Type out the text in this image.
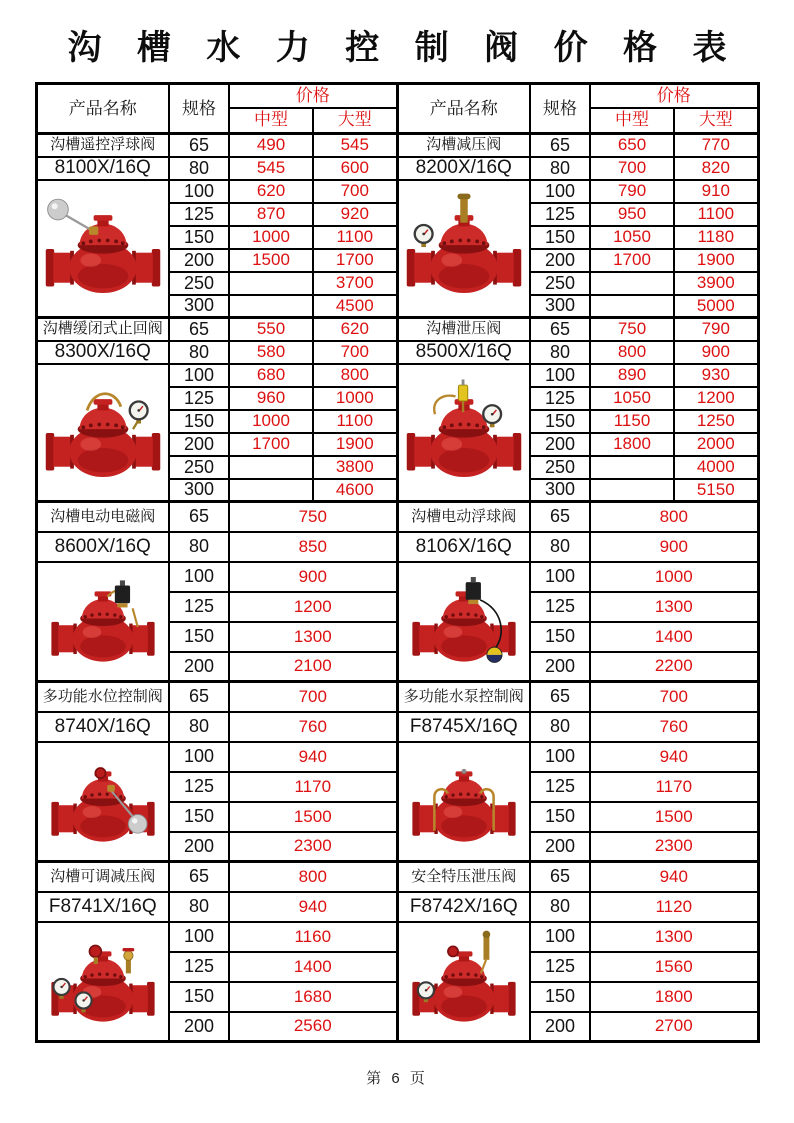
沟 槽 水 力 控 制 阀 价 格 表
产品名称	规格	价格		产品名称	规格	价格	
		中型	大型			中型	大型
沟槽遥控浮球阀	65	490	545	沟槽减压阀	65	650	770
8100X/16Q	80	545	600	8200X/16Q	80	700	820

	100	620	700		100	790	910
	125	870	920		125	950	1100
	150	1000	1100		150	1050	1180
	200	1500	1700		200	1700	1900
	250		3700		250		3900
	300		4500		300		5000
沟槽缓闭式止回阀	65	550	620	沟槽泄压阀	65	750	790
8300X/16Q	80	580	700	8500X/16Q	80	800	900

	100	680	800		100	890	930
	125	960	1000		125	1050	1200
	150	1000	1100		150	1150	1250
	200	1700	1900		200	1800	2000
	250		3800		250		4000
	300		4600		300		5150
沟槽电动电磁阀	65	750		沟槽电动浮球阀	65	800	
8600X/16Q	80	850		8106X/16Q	80	900	

	100	900			100	1000	
	125	1200			125	1300	
	150	1300			150	1400	
	200	2100			200	2200	
多功能水位控制阀	65	700		多功能水泵控制阀	65	700	
8740X/16Q	80	760		F8745X/16Q	80	760	

	100	940			100	940	
	125	1170			125	1170	
	150	1500			150	1500	
	200	2300			200	2300	
沟槽可调减压阀	65	800		安全特压泄压阀	65	940	
F8741X/16Q	80	940		F8742X/16Q	80	1120	

	100	1160			100	1300	
	125	1400			125	1560	
	150	1680			150	1800	
	200	2560			200	2700	
第 6 页
